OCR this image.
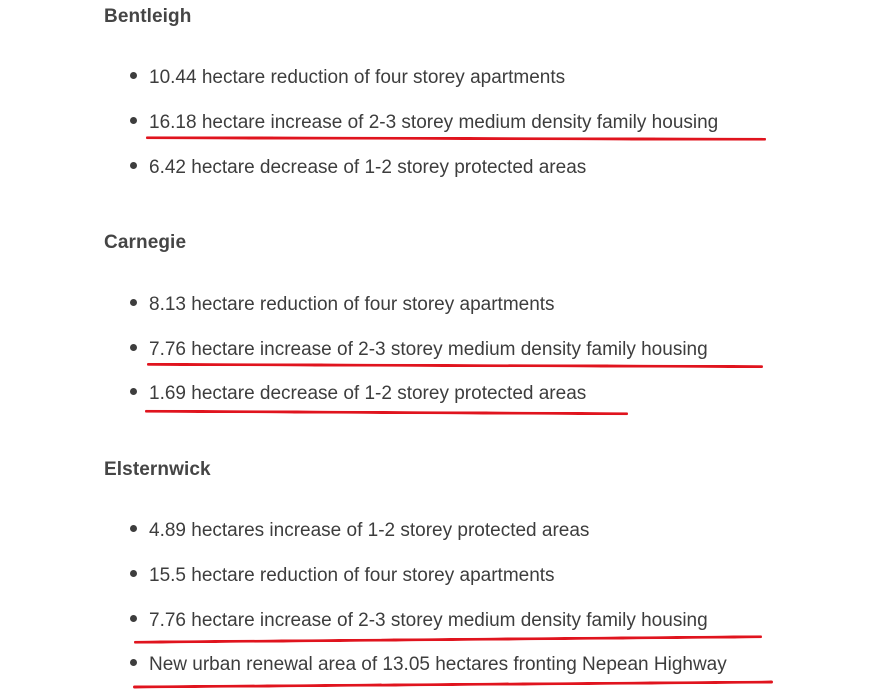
Bentleigh
10.44 hectare reduction of four storey apartments
16.18 hectare increase of 2-3 storey medium density family housing
6.42 hectare decrease of 1-2 storey protected areas
Carnegie
8.13 hectare reduction of four storey apartments
7.76 hectare increase of 2-3 storey medium density family housing
1.69 hectare decrease of 1-2 storey protected areas
Elsternwick
4.89 hectares increase of 1-2 storey protected areas
15.5 hectare reduction of four storey apartments
7.76 hectare increase of 2-3 storey medium density family housing
New urban renewal area of 13.05 hectares fronting Nepean Highway
